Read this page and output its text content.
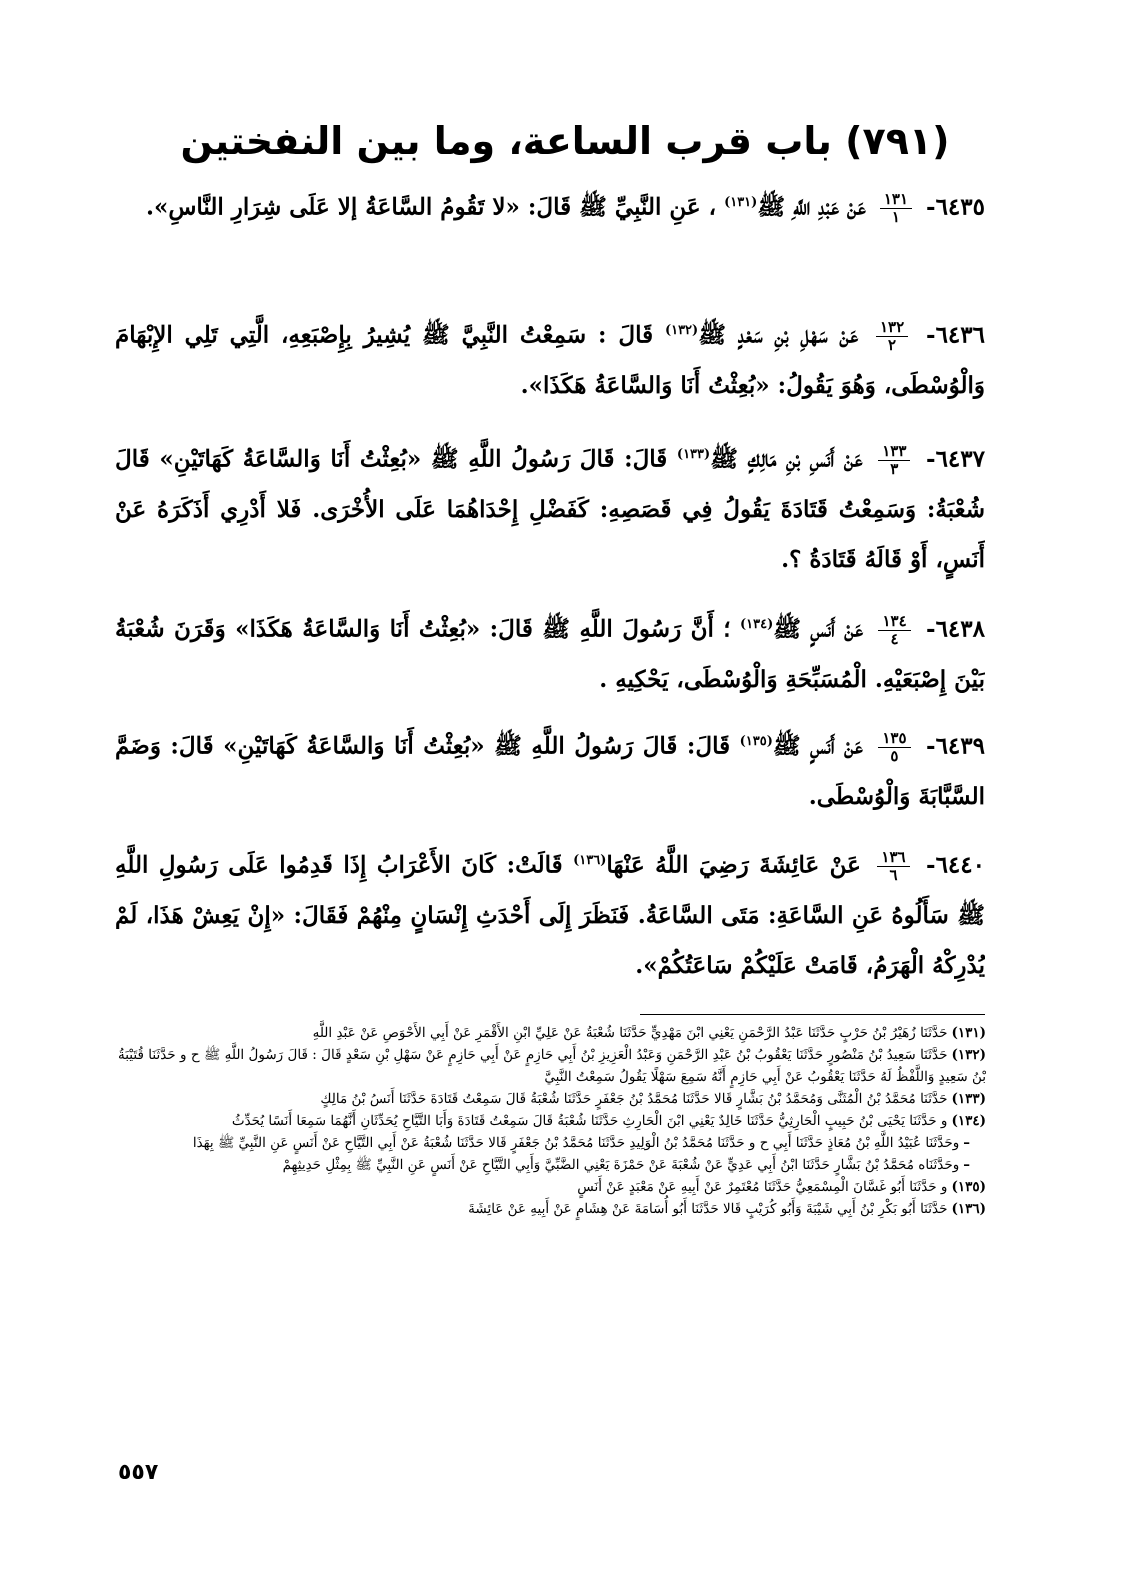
(٧٩١) باب قرب الساعة، وما بين النفختين
٦٤٣٥-
$\frac{١٣١}{١}$
عَنْ عَبْدِ اللَّهِ ﷺ$^{(١٣١)}$ ، عَنِ النَّبِيِّ ﷺ قَالَ: «لا تَقُومُ السَّاعَةُ إلا عَلَى شِرَارِ النَّاسِ».
٦٤٣٦-
$\frac{١٣٢}{٢}$
عَنْ سَهْلِ بْنِ سَعْدٍ ﷺ$^{(١٣٢)}$ قَالَ : سَمِعْتُ النَّبِيَّ ﷺ يُشِيرُ بِإِصْبَعِهِ، الَّتِي تَلِي الإِبْهَامَ وَالْوُسْطَى، وَهُوَ يَقُولُ: «بُعِثْتُ أَنَا وَالسَّاعَةُ هَكَذَا».
٦٤٣٧-
$\frac{١٣٣}{٣}$
عَنْ أَنَسِ بْنِ مَالِكٍ ﷺ$^{(١٣٣)}$ قَالَ: قَالَ رَسُولُ اللَّهِ ﷺ «بُعِثْتُ أَنَا وَالسَّاعَةُ كَهَاتَيْنِ» قَالَ شُعْبَةُ: وَسَمِعْتُ قَتَادَةَ يَقُولُ فِي قَصَصِهِ: كَفَضْلِ إِحْدَاهُمَا عَلَى الأُخْرَى. فَلا أَدْرِي أَذَكَرَهُ عَنْ أَنَسٍ، أَوْ قَالَهُ قَتَادَةُ ؟.
٦٤٣٨-
$\frac{١٣٤}{٤}$
عَنْ أَنَسٍ ﷺ$^{(١٣٤)}$ ؛ أَنَّ رَسُولَ اللَّهِ ﷺ قَالَ: «بُعِثْتُ أَنَا وَالسَّاعَةُ هَكَذَا» وَقَرَنَ شُعْبَةُ بَيْنَ إِصْبَعَيْهِ. الْمُسَبِّحَةِ وَالْوُسْطَى، يَحْكِيهِ .
٦٤٣٩-
$\frac{١٣٥}{٥}$
عَنْ أَنَسٍ ﷺ$^{(١٣٥)}$ قَالَ: قَالَ رَسُولُ اللَّهِ ﷺ «بُعِثْتُ أَنَا وَالسَّاعَةُ كَهَاتَيْنِ» قَالَ: وَضَمَّ السَّبَّابَةَ وَالْوُسْطَى.
٦٤٤٠-
$\frac{١٣٦}{٦}$
عَنْ عَائِشَةَ رَضِيَ اللَّهُ عَنْهَا$^{(١٣٦)}$ قَالَتْ: كَانَ الأَعْرَابُ إِذَا قَدِمُوا عَلَى رَسُولِ اللَّهِ ﷺ سَأَلُوهُ عَنِ السَّاعَةِ: مَتَى السَّاعَةُ. فَنَظَرَ إِلَى أَحْدَثِ إِنْسَانٍ مِنْهُمْ فَقَالَ: «إِنْ يَعِشْ هَذَا، لَمْ يُدْرِكْهُ الْهَرَمُ، قَامَتْ عَلَيْكُمْ سَاعَتُكُمْ».

(١٣١)حَدَّثَنَا زُهَيْرُ بْنُ حَرْبٍ حَدَّثَنَا عَبْدُ الرَّحْمَنِ يَعْنِي ابْنَ مَهْدِيٍّ حَدَّثَنَا شُعْبَةُ عَنْ عَلِيِّ ابْنِ الأَقْمَرِ عَنْ أَبِي الأَحْوَصِ عَنْ عَبْدِ اللَّهِ

(١٣٢)حَدَّثَنَا سَعِيدُ بْنُ مَنْصُورٍ حَدَّثَنَا يَعْقُوبُ بْنُ عَبْدِ الرَّحْمَنِ وَعَبْدُ الْعَزِيزِ بْنُ أَبِي حَازِمٍ عَنْ أَبِي حَازِمٍ عَنْ سَهْلِ بْنِ سَعْدٍ قَالَ : قَالَ رَسُولُ اللَّهِ ﷺ ح و حَدَّثَنَا قُتَيْبَةُ بْنُ سَعِيدٍ وَاللَّفْظُ لَهُ حَدَّثَنَا يَعْقُوبُ عَنْ أَبِي حَازِمٍ أَنَّهُ سَمِعَ سَهْلًا يَقُولُ سَمِعْتُ النَّبِيَّ

(١٣٣)حَدَّثَنَا مُحَمَّدُ بْنُ الْمُثَنَّى وَمُحَمَّدُ بْنُ بَشَّارٍ قَالا حَدَّثَنَا مُحَمَّدُ بْنُ جَعْفَرٍ حَدَّثَنَا شُعْبَةُ قَالَ سَمِعْتُ قَتَادَةَ حَدَّثَنَا أَنَسُ بْنُ مَالِكٍ

(١٣٤)و حَدَّثَنَا يَحْيَى بْنُ حَبِيبٍ الْحَارِثِيُّ حَدَّثَنَا خَالِدٌ يَعْنِي ابْنَ الْحَارِثِ حَدَّثَنَا شُعْبَةُ قَالَ سَمِعْتُ قَتَادَةَ وَأَبَا التَّيَّاحِ يُحَدِّثَانِ أَنَّهُمَا سَمِعَا أَنَسًا يُحَدِّثُ

–وحَدَّثَنَا عُبَيْدُ اللَّهِ بْنُ مُعَاذٍ حَدَّثَنَا أَبِي ح و حَدَّثَنَا مُحَمَّدُ بْنُ الْوَلِيدِ حَدَّثَنَا مُحَمَّدُ بْنُ جَعْفَرٍ قَالا حَدَّثَنَا شُعْبَةُ عَنْ أَبِي التَّيَّاحِ عَنْ أَنَسٍ عَنِ النَّبِيِّ ﷺ بِهَذَا

–وحَدَّثَنَاه مُحَمَّدُ بْنُ بَشَّارٍ حَدَّثَنَا ابْنُ أَبِي عَدِيٍّ عَنْ شُعْبَةَ عَنْ حَمْزَةَ يَعْنِي الضَّبِّيَّ وَأَبِي التَّيَّاحِ عَنْ أَنَسٍ عَنِ النَّبِيِّ ﷺ بِمِثْلِ حَدِيثِهِمْ

(١٣٥)و حَدَّثَنَا أَبُو غَسَّانَ الْمِسْمَعِيُّ حَدَّثَنَا مُعْتَمِرٌ عَنْ أَبِيهِ عَنْ مَعْبَدٍ عَنْ أَنَسٍ

(١٣٦)حَدَّثَنَا أَبُو بَكْرِ بْنُ أَبِي شَيْبَةَ وَأَبُو كُرَيْبٍ قَالا حَدَّثَنَا أَبُو أُسَامَةَ عَنْ هِشَامٍ عَنْ أَبِيهِ عَنْ عَائِشَةَ

٥٥٧
